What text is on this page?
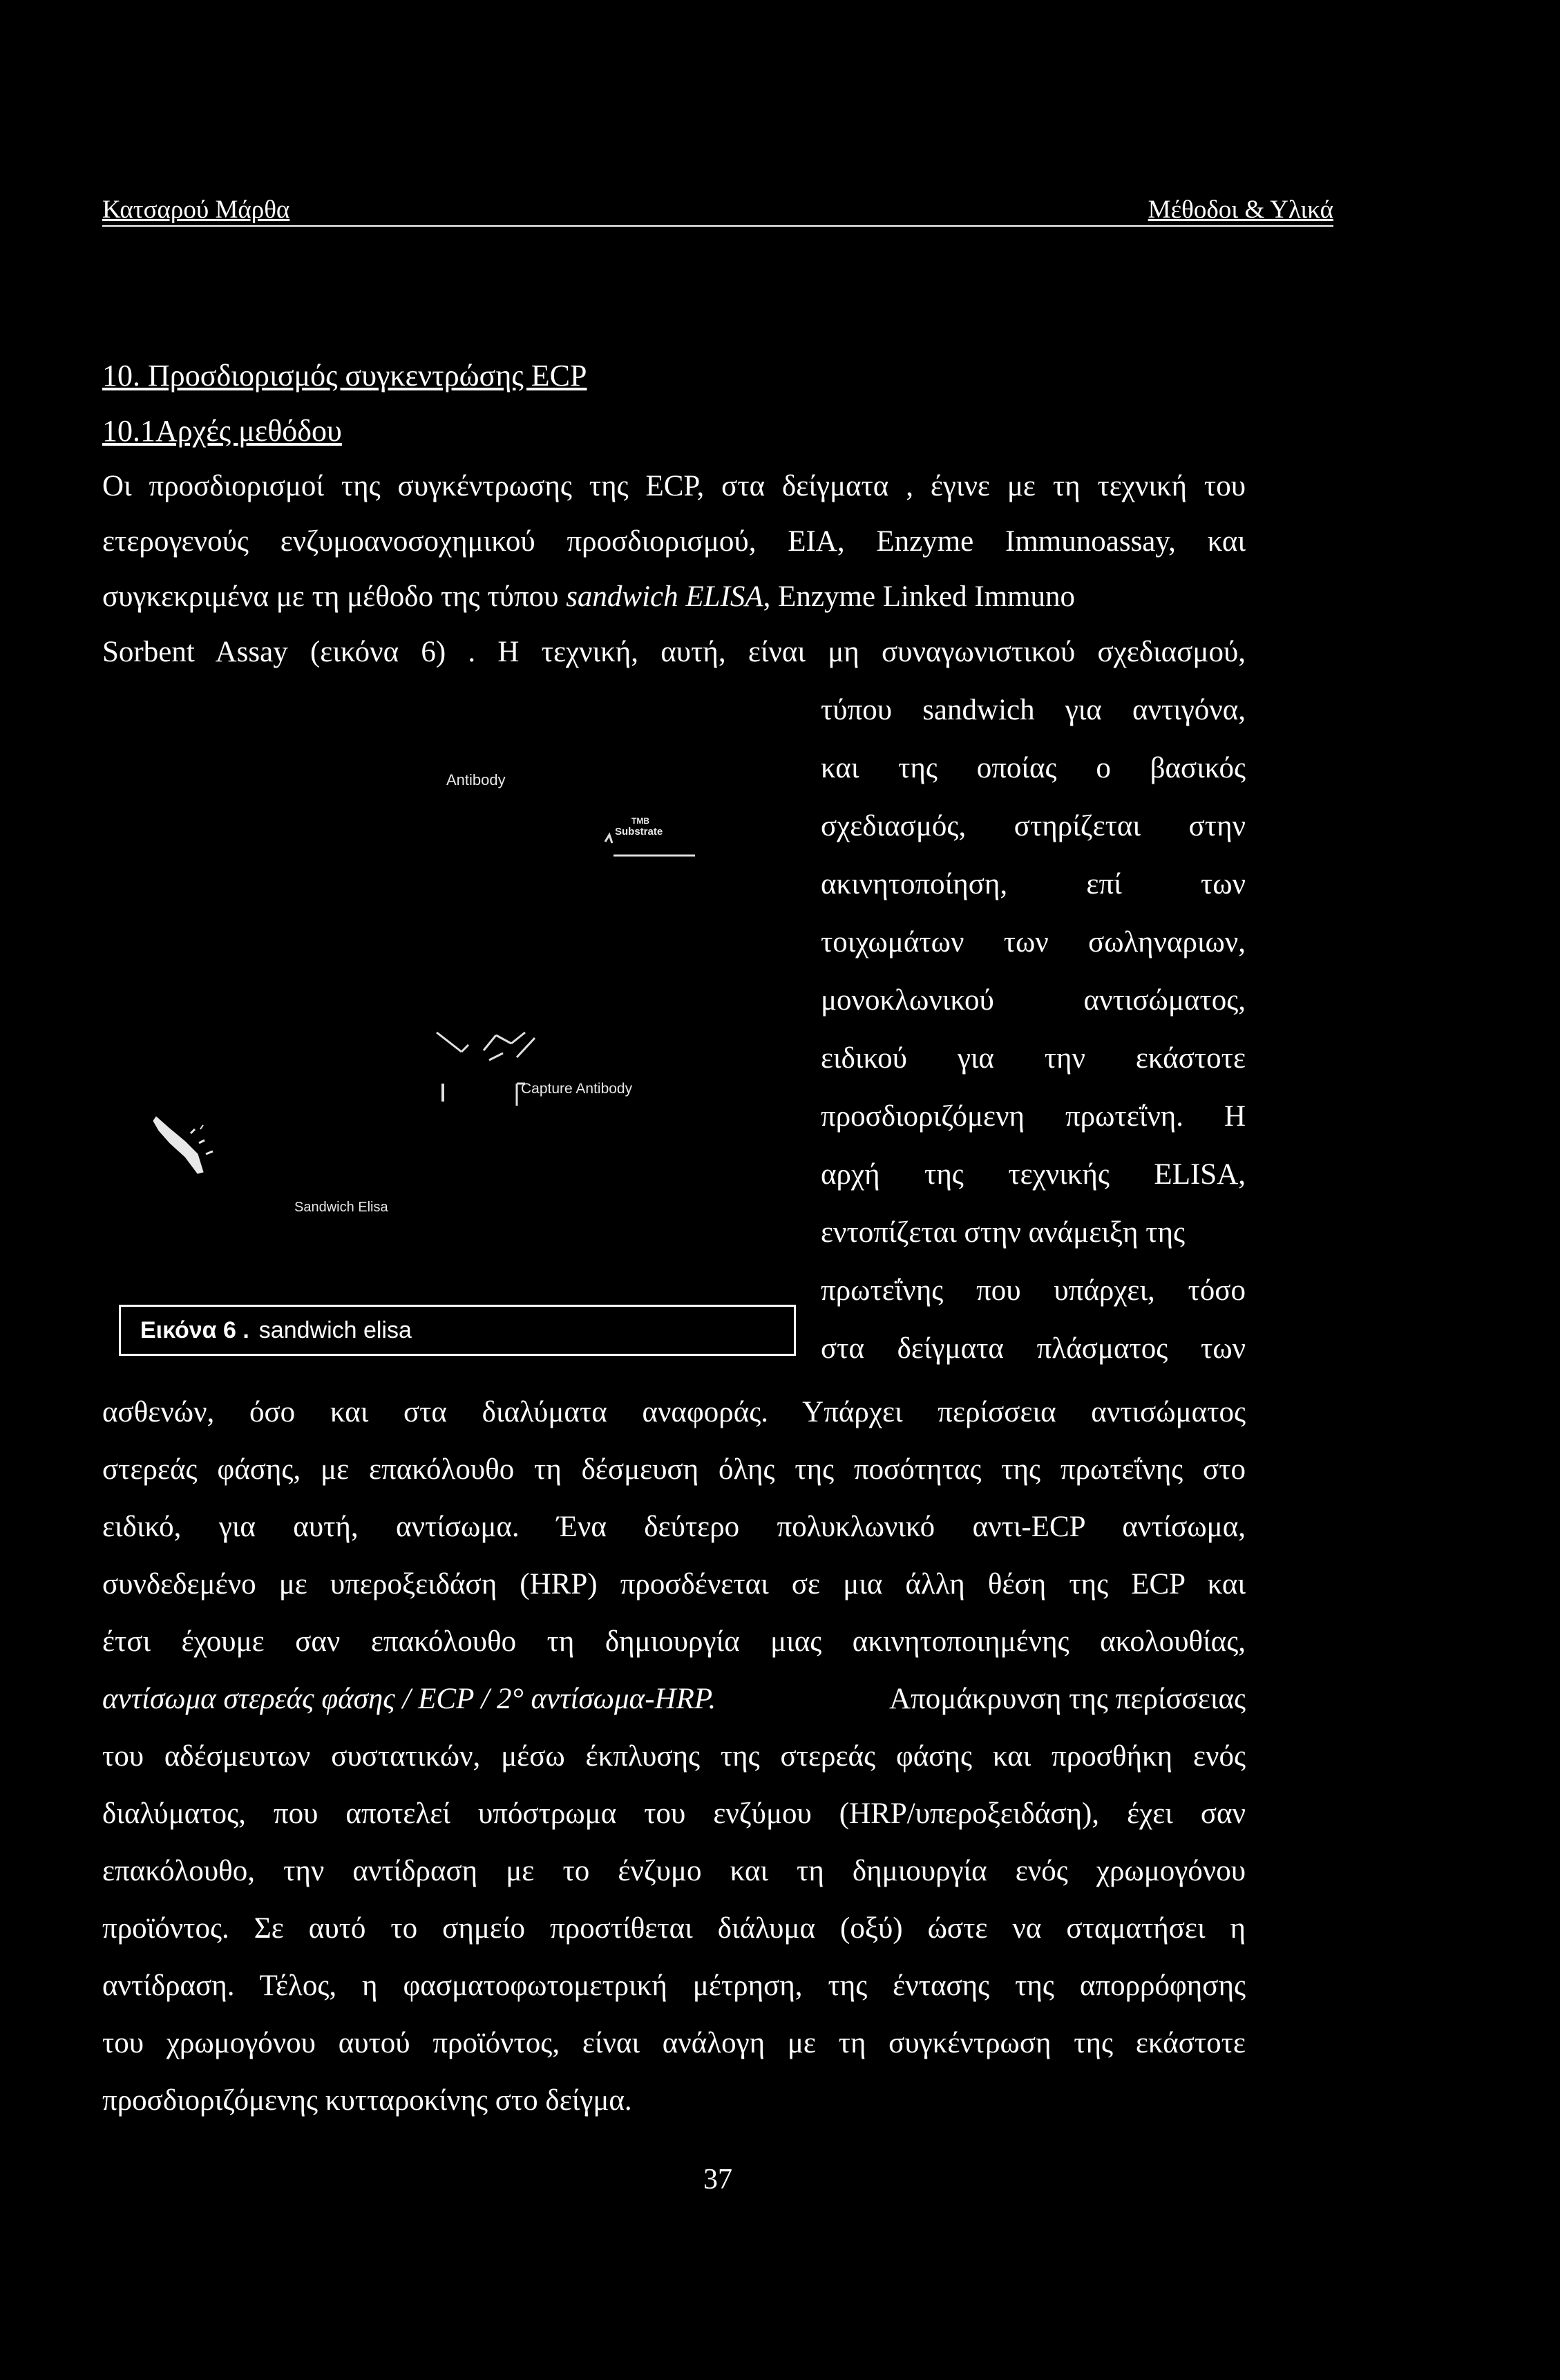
Κατσαρού Μάρθα	Μέθοδοι & Υλικά
10. Προσδιορισμός συγκεντρώσης ECP
10.1Αρχές μεθόδου
Οι προσδιορισμοί της συγκέντρωσης της ECP, στα δείγματα , έγινε με τη τεχνική του
ετερογενούς ενζυμοανοσοχημικού προσδιορισμού, EIA, Enzyme Immunoassay, και
συγκεκριμένα με τη μέθοδο της τύπου sandwich ELISA, Enzyme Linked Immuno
Sorbent Assay (εικόνα 6) . Η τεχνική, αυτή, είναι μη συναγωνιστικού σχεδιασμού,
τύπου sandwich για αντιγόνα,
και της οποίας ο βασικός
σχεδιασμός, στηρίζεται στην
ακινητοποίηση, επί των
τοιχωμάτων των σωληναριων,
μονοκλωνικού αντισώματος,
ειδικού για την εκάστοτε
προσδιοριζόμενη πρωτεΐνη. Η
αρχή της τεχνικής ELISA,
εντοπίζεται στην ανάμειξη της
πρωτεΐνης που υπάρχει, τόσο
στα δείγματα πλάσματος των
Antibody
TMB
Substrate
Capture Antibody
Sandwich Elisa
Εικόνα 6 . sandwich elisa
ασθενών, όσο και στα διαλύματα αναφοράς. Υπάρχει περίσσεια αντισώματος
στερεάς φάσης, με επακόλουθο τη δέσμευση όλης της ποσότητας της πρωτεΐνης στο
ειδικό, για αυτή, αντίσωμα. Ένα δεύτερο πολυκλωνικό αντι-ECP αντίσωμα,
συνδεδεμένο με υπεροξειδάση (HRP) προσδένεται σε μια άλλη θέση της ECP και
έτσι έχουμε σαν επακόλουθο τη δημιουργία μιας ακινητοποιημένης ακολουθίας,
αντίσωμα στερεάς φάσης / ECP / 2° αντίσωμα-HRP.	Απομάκρυνση της περίσσειας
του αδέσμευτων συστατικών, μέσω έκπλυσης της στερεάς φάσης και προσθήκη ενός
διαλύματος, που αποτελεί υπόστρωμα του ενζύμου (HRP/υπεροξειδάση), έχει σαν
επακόλουθο, την αντίδραση με το ένζυμο και τη δημιουργία ενός χρωμογόνου
προϊόντος. Σε αυτό το σημείο προστίθεται διάλυμα (οξύ) ώστε να σταματήσει η
αντίδραση. Τέλος, η φασματοφωτομετρική μέτρηση, της έντασης της απορρόφησης
του χρωμογόνου αυτού προϊόντος, είναι ανάλογη με τη συγκέντρωση της εκάστοτε
προσδιοριζόμενης κυτταροκίνης στο δείγμα.
37
